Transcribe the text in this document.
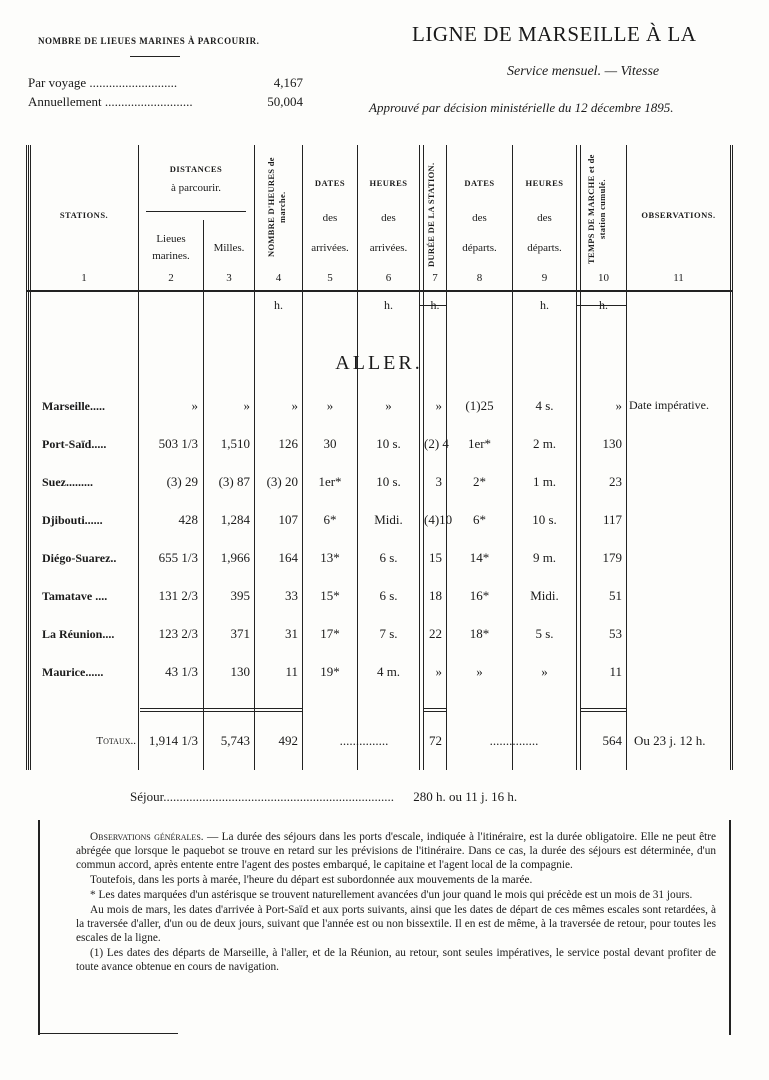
NOMBRE DE LIEUES MARINES À PARCOURIR.
Par voyage ...........................	4,167
Annuellement ...........................	50,004
LIGNE DE MARSEILLE À LA
Service mensuel. — Vitesse
Approuvé par décision ministérielle du 12 décembre 1895.
STATIONS.
DISTANCES
à parcourir.
Lieues marines.
Milles.	NOMBRE D'HEURES de marche.
DATES
des
arrivées.
HEURES
des
arrivées.	DURÉE DE LA STATION.	DATES
des
départs.
HEURES
des
départs.	TEMPS DE MARCHE et de station cumulé.	OBSERVATIONS.
1	2	3	4	5	6	7	8	9	10	11
h.	h.	h.	h.	h.
ALLER.
Marseille.....	»	»	»	»	»	»	(1)25	4 s.	» Date impérative.
Port-Saïd.....	503 1/3	1,510	126	30	10 s.	(2) 4	1er*	2 m.	130
Suez.........	(3) 29	(3) 87	(3) 20	1er*	10 s.	3	2*	1 m.	23
Djibouti......	428	1,284	107	6*	Midi.	(4)10	6*	10 s.	117
Diégo-Suarez..	655 1/3	1,966	164	13*	6 s.	15	14*	9 m.	179
Tamatave ....	131 2/3	395	33	15*	6 s.	18	16*	Midi.	51
La Réunion....	123 2/3	371	31	17*	7 s.	22	18*	5 s.	53
Maurice......	43 1/3	130	11	19*	4 m.	»	»	»	11
Totaux.. 1,914 1/3	5,743	492	...............	72	...............	564 Ou 23 j. 12 h.
Séjour....................................................................... 280 h. ou 11 j. 16 h.

Observations générales. — La durée des séjours dans les ports d'escale, indiquée à l'itinéraire, est la durée obligatoire. Elle ne peut être abrégée que lorsque le paquebot se trouve en retard sur les prévisions de l'itinéraire. Dans ce cas, la durée des séjours est déterminée, d'un commun accord, après entente entre l'agent des postes embarqué, le capitaine et l'agent local de la compagnie.

Toutefois, dans les ports à marée, l'heure du départ est subordonnée aux mouvements de la marée.

* Les dates marquées d'un astérisque se trouvent naturellement avancées d'un jour quand le mois qui précède est un mois de 31 jours.

Au mois de mars, les dates d'arrivée à Port-Saïd et aux ports suivants, ainsi que les dates de départ de ces mêmes escales sont retardées, à la traversée d'aller, d'un ou de deux jours, suivant que l'année est ou non bissextile. Il en est de même, à la traversée de retour, pour toutes les escales de la ligne.

(1) Les dates des départs de Marseille, à l'aller, et de la Réunion, au retour, sont seules impératives, le service postal devant profiter de toute avance obtenue en cours de navigation.
